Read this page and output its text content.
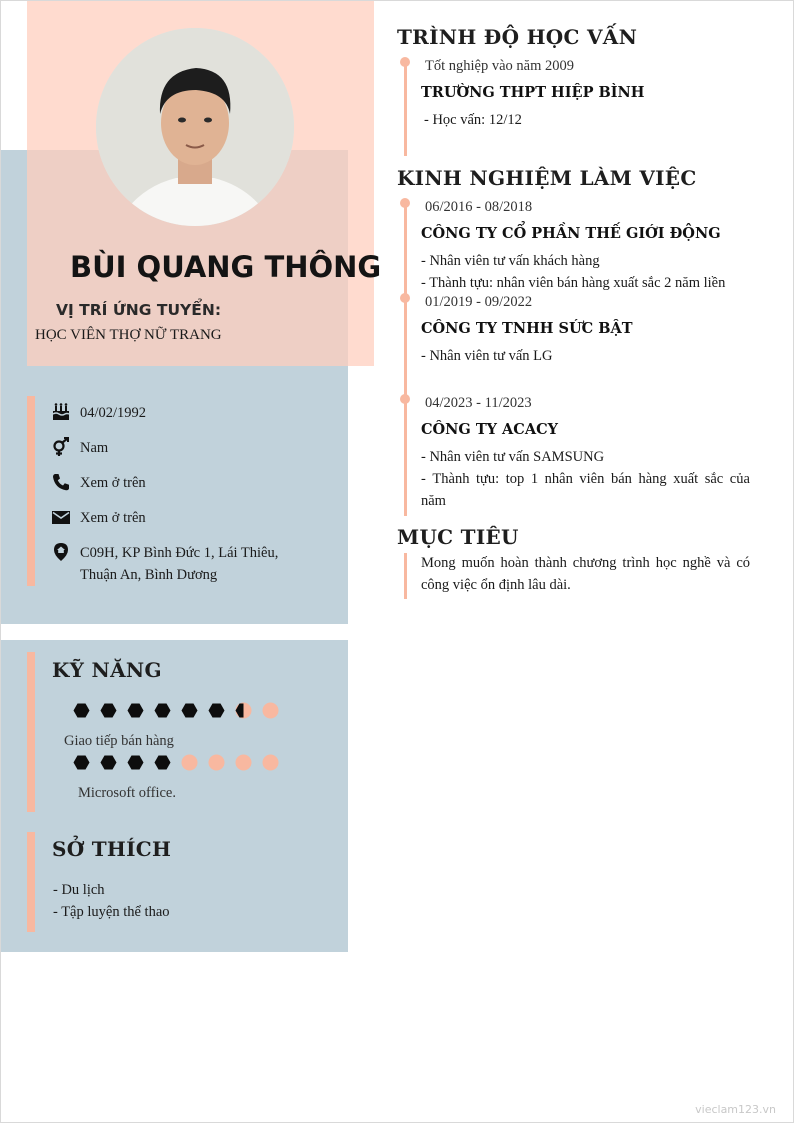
BÙI QUANG THÔNG
VỊ TRÍ ỨNG TUYỂN:
HỌC VIÊN THỢ NỮ TRANG
04/02/1992
Nam
Xem ở trên
Xem ở trên
C09H, KP Bình Đức 1, Lái Thiêu,
Thuận An, Bình Dương
KỸ NĂNG
Giao tiếp bán hàng
Microsoft office.
SỞ THÍCH
- Du lịch
- Tập luyện thể thao
TRÌNH ĐỘ HỌC VẤN
Tốt nghiệp vào năm 2009
TRƯỜNG THPT HIỆP BÌNH
- Học vấn: 12/12
KINH NGHIỆM LÀM VIỆC
06/2016 - 08/2018
CÔNG TY CỔ PHẦN THẾ GIỚI ĐỘNG
- Nhân viên tư vấn khách hàng
- Thành tựu: nhân viên bán hàng xuất sắc 2 năm liền
01/2019 - 09/2022
CÔNG TY TNHH SỨC BẬT
- Nhân viên tư vấn LG
04/2023 - 11/2023
CÔNG TY ACACY
- Nhân viên tư vấn SAMSUNG
- Thành tựu: top 1 nhân viên bán hàng xuất sắc của
năm
MỤC TIÊU
Mong muốn hoàn thành chương trình học nghề và có
công việc ổn định lâu dài.
vieclam123.vn
